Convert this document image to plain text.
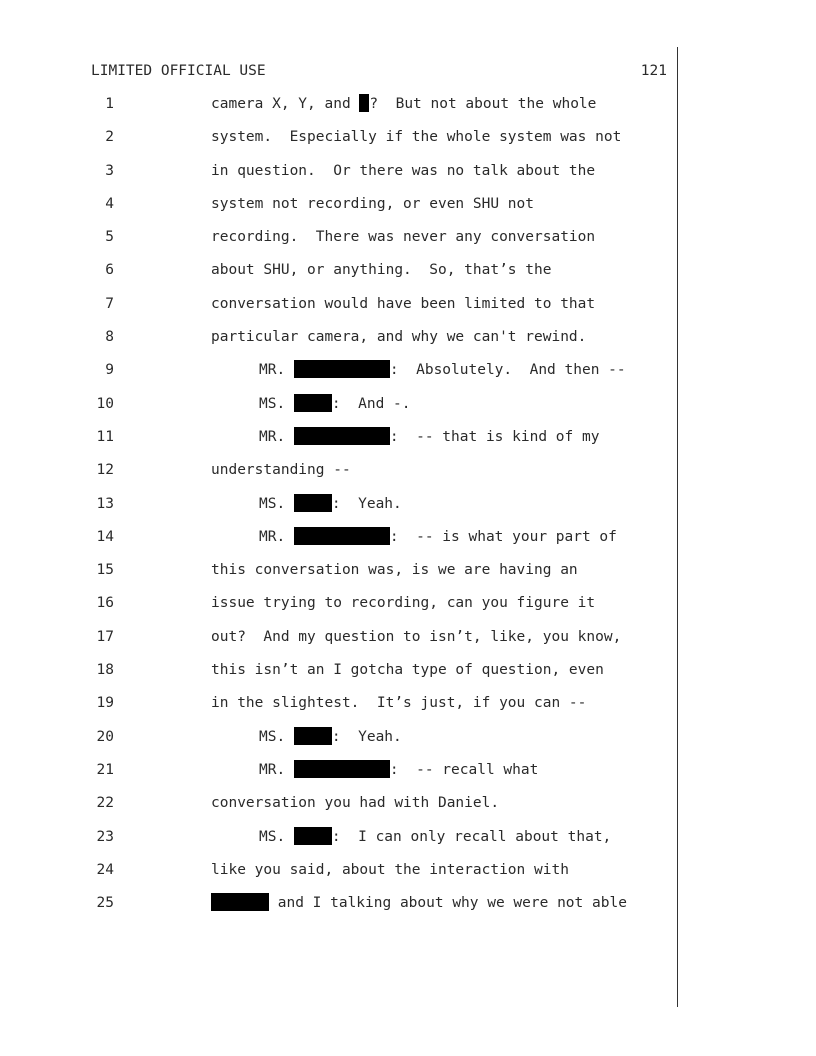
LIMITED OFFICIAL USE	121
1	camera X, Y, and ?  But not about the whole
2	system.  Especially if the whole system was not
3	in question.  Or there was no talk about the
4	system not recording, or even SHU not
5	recording.  There was never any conversation
6	about SHU, or anything.  So, that’s the
7	conversation would have been limited to that
8	particular camera, and why we can't rewind.
9	MR.	:  Absolutely.  And then --
10	MS.	:  And -.
11	MR.	:  -- that is kind of my
12	understanding --
13	MS.	:  Yeah.
14	MR.	:  -- is what your part of
15	this conversation was, is we are having an
16	issue trying to recording, can you figure it
17	out?  And my question to isn’t, like, you know,
18	this isn’t an I gotcha type of question, even
19	in the slightest.  It’s just, if you can --
20	MS.	:  Yeah.
21	MR.	:  -- recall what
22	conversation you had with Daniel.
23	MS.	:  I can only recall about that,
24	like you said, about the interaction with
25	and I talking about why we were not able
